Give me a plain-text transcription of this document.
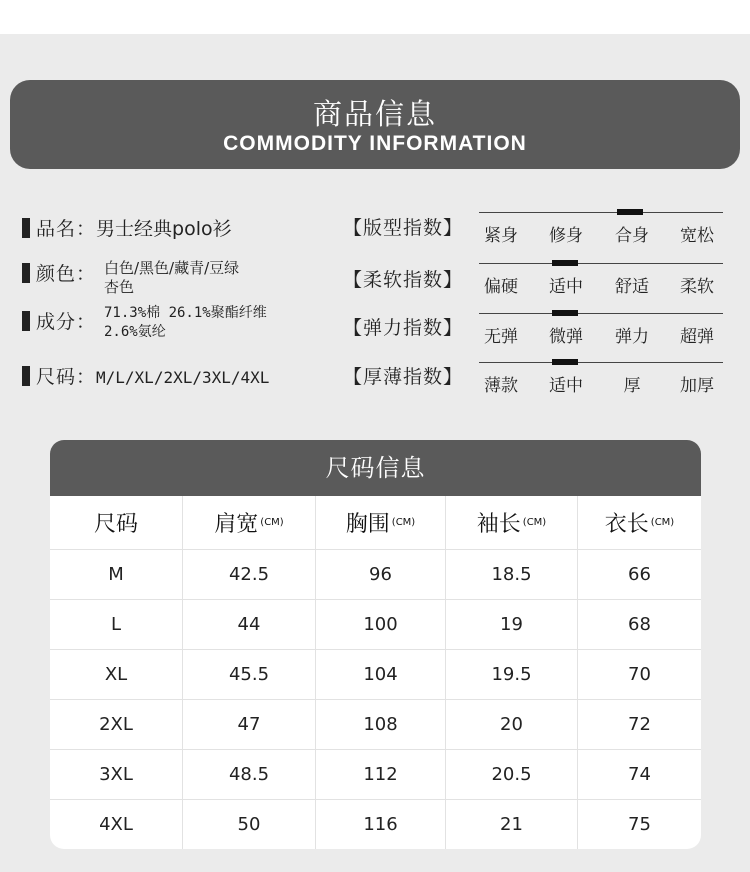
商品信息
COMMODITY INFORMATION
品名：男士经典polo衫
颜色： 白色/黑色/藏青/豆绿
杏色
成分： 71.3%棉 26.1%聚酯纤维
2.6%氨纶
尺码：M/L/XL/2XL/3XL/4XL
【版型指数】	紧身	修身	合身	宽松
【柔软指数】	偏硬	适中	舒适	柔软
【弹力指数】	无弹	微弹	弹力	超弹
【厚薄指数】	薄款	适中	厚	加厚
尺码信息
尺码	肩宽 (CM)	胸围 (CM)	袖长 (CM)	衣长 (CM)
M	42.5	96	18.5	66
L	44	100	19	68
XL	45.5	104	19.5	70
2XL	47	108	20	72
3XL	48.5	112	20.5	74
4XL	50	116	21	75
